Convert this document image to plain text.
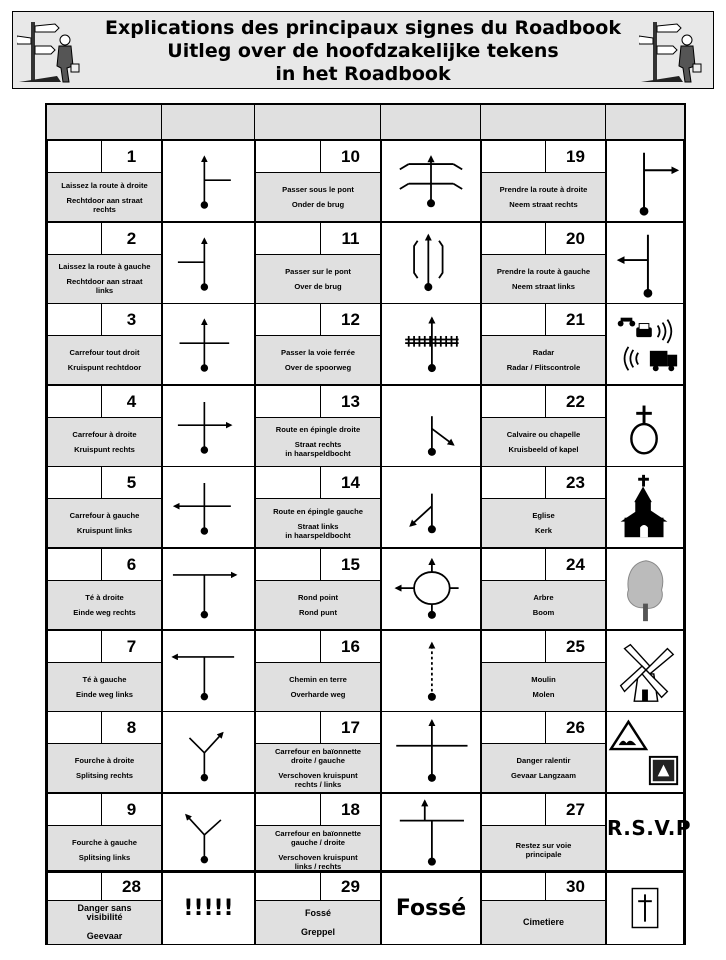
Explications des principaux signes du Roadbook
Uitleg over de hoofdzakelijke tekens
in het Roadbook
1
Laissez la route à droite
Rechtdoor aan straat
rechts
10
Passer sous le pont
Onder de brug
19
Prendre la route à droite
Neem straat rechts
2
Laissez la route à gauche
Rechtdoor aan straat
links
11
Passer sur le pont
Over de brug
20
Prendre la route à gauche
Neem straat links
3
Carrefour tout droit
Kruispunt rechtdoor
12
Passer la voie ferrée
Over de spoorweg
21
Radar
Radar / Flitscontrole
4
Carrefour à droite
Kruispunt rechts
13
Route en épingle droite
Straat rechts
in haarspeldbocht
22
Calvaire ou chapelle
Kruisbeeld of kapel
5
Carrefour à gauche
Kruispunt links
14
Route en épingle gauche
Straat links
in haarspeldbocht
23
Eglise
Kerk
6
Té à droite
Einde weg rechts
15
Rond point
Rond punt
24
Arbre
Boom
7
Té à gauche
Einde weg links
16
Chemin en terre
Overharde weg
25
Moulin
Molen
8
Fourche à droite
Splitsing rechts
17
Carrefour en baïonnette
droite / gauche
Verschoven kruispunt
rechts / links
26
Danger ralentir
Gevaar Langzaam
9
Fourche à gauche
Splitsing links
18
Carrefour en baïonnette
gauche / droite
Verschoven kruispunt
links / rechts
27
Restez sur voie
principale
R.S.V.P
28
Danger sans
visibilité
Geevaar
!!!!!
29
Fossé
Greppel
Fossé
30
Cimetiere
